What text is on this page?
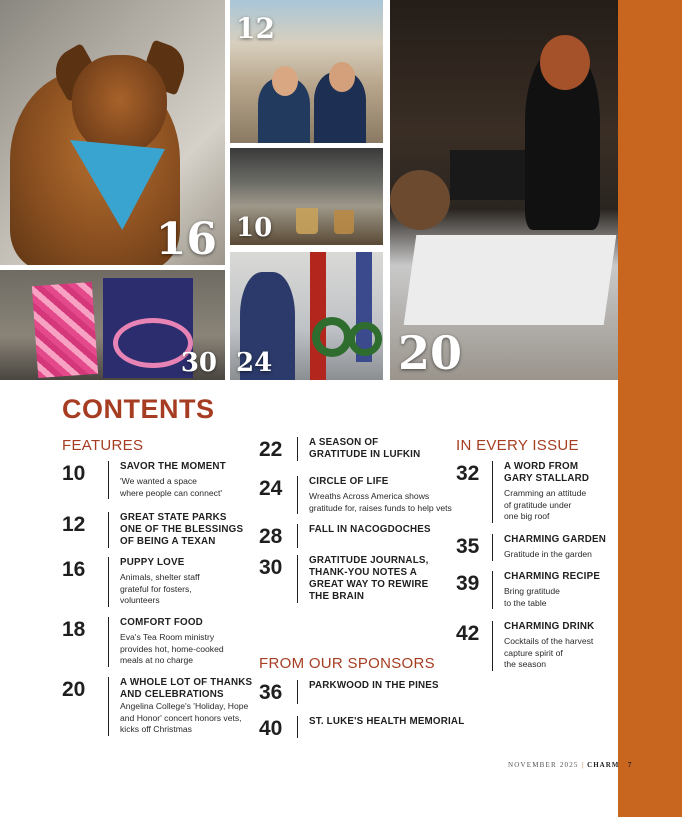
16
12
10
20
30 24
CONTENTS
FEATURES
10	SAVOR THE MOMENT
'We wanted a space
where people can connect'
12	GREAT STATE PARKS
ONE OF THE BLESSINGS
OF BEING A TEXAN
16	PUPPY LOVE
Animals, shelter staff
grateful for fosters,
volunteers
18	COMFORT FOOD
Eva's Tea Room ministry
provides hot, home-cooked
meals at no charge
20	A WHOLE LOT OF THANKS
AND CELEBRATIONS
Angelina College's 'Holiday, Hope
and Honor' concert honors vets,
kicks off Christmas
22	A SEASON OF
GRATITUDE IN LUFKIN
24	CIRCLE OF LIFE
Wreaths Across America shows
gratitude for, raises funds to help vets
28	FALL IN NACOGDOCHES
30	GRATITUDE JOURNALS,
THANK-YOU NOTES A
GREAT WAY TO REWIRE
THE BRAIN
FROM OUR SPONSORS
36	PARKWOOD IN THE PINES
40	ST. LUKE'S HEALTH MEMORIAL
IN EVERY ISSUE
32	A WORD FROM
GARY STALLARD
Cramming an attitude
of gratitude under
one big roof
35	CHARMING GARDEN
Gratitude in the garden
39	CHARMING RECIPE
Bring gratitude
to the table
42	CHARMING DRINK
Cocktails of the harvest
capture spirit of
the season
NOVEMBER 2025 | CHARM | 7
